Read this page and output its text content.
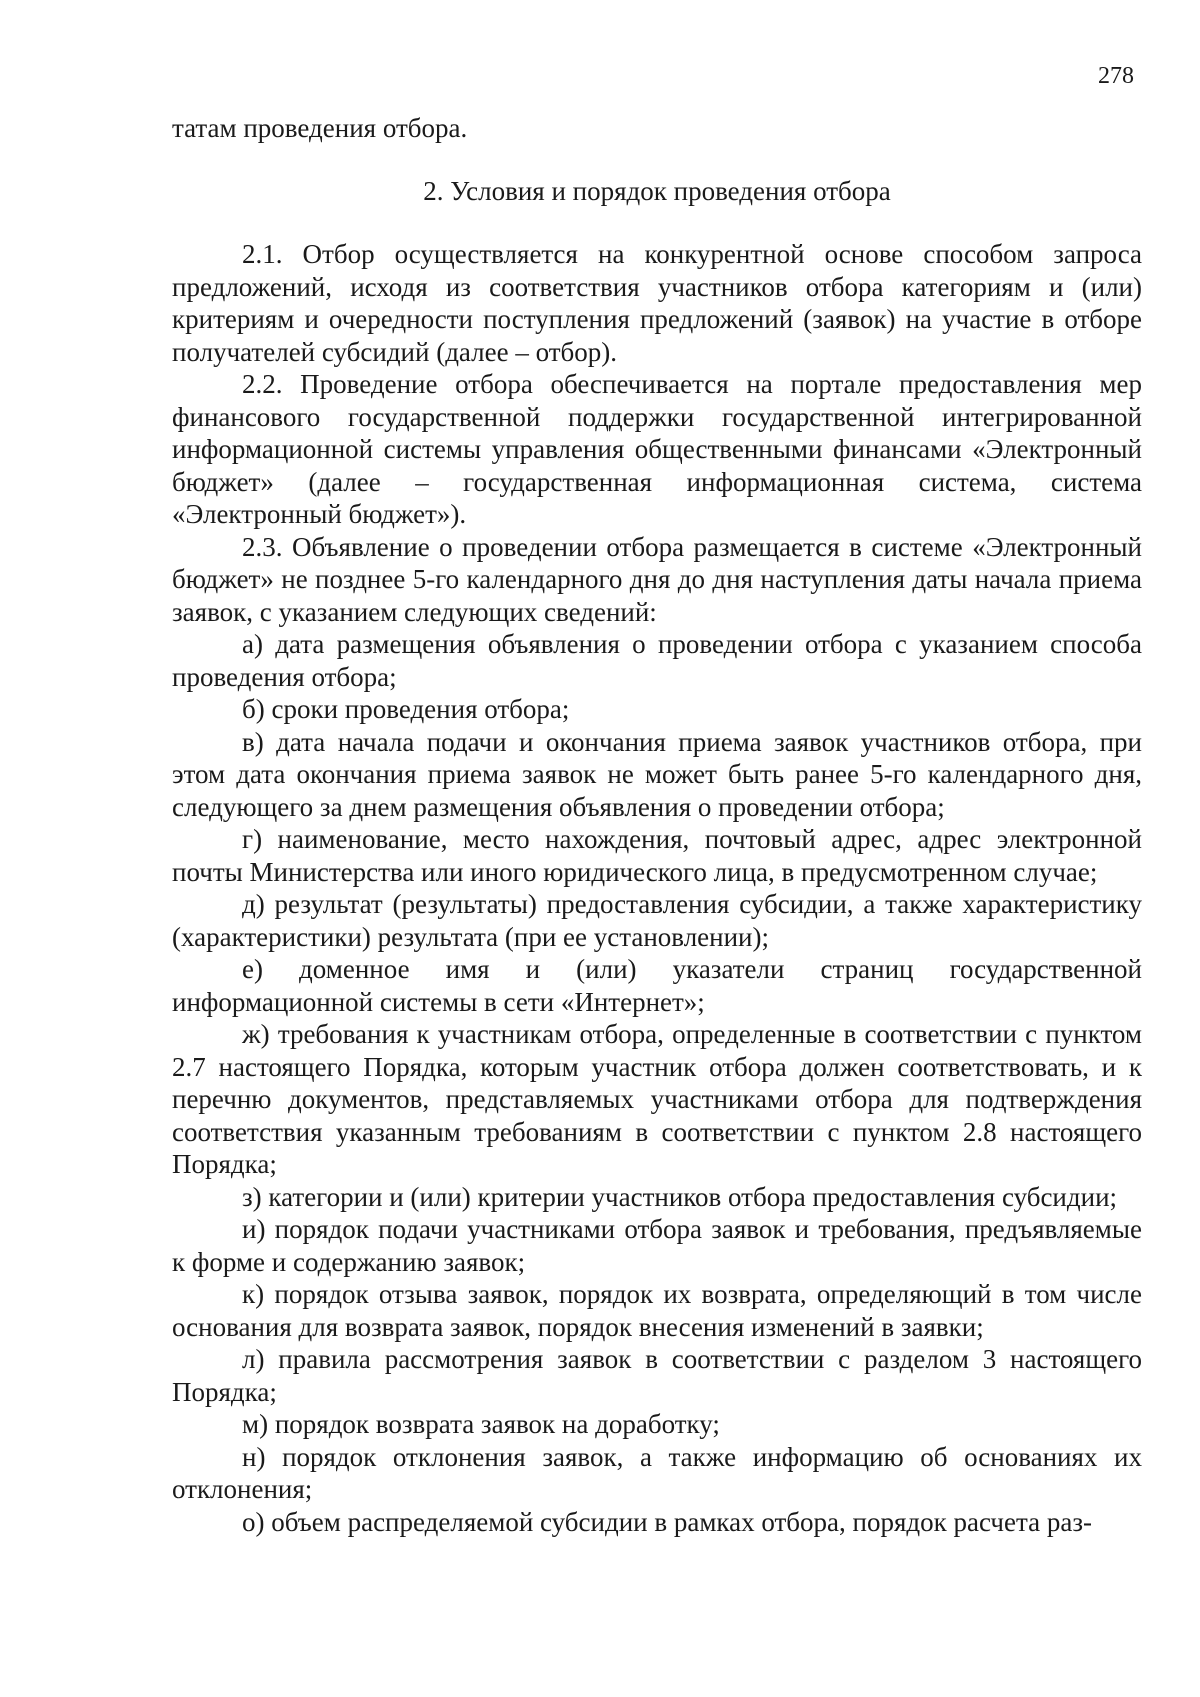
278

татам проведения отбора.

2. Условия и порядок проведения отбора

2.1. Отбор осуществляется на конкурентной основе способом запроса предложений, исходя из соответствия участников отбора категориям и (или) критериям и очередности поступления предложений (заявок) на участие в отборе получателей субсидий (далее – отбор).

2.2. Проведение отбора обеспечивается на портале предоставления мер финансового государственной поддержки государственной интегрированной информационной системы управления общественными финансами «Электронный бюджет» (далее – государственная информационная система, система «Электронный бюджет»).

2.3. Объявление о проведении отбора размещается в системе «Электронный бюджет» не позднее 5-го календарного дня до дня наступления даты начала приема заявок, с указанием следующих сведений:

а) дата размещения объявления о проведении отбора с указанием способа проведения отбора;

б) сроки проведения отбора;

в) дата начала подачи и окончания приема заявок участников отбора, при этом дата окончания приема заявок не может быть ранее 5-го календарного дня, следующего за днем размещения объявления о проведении отбора;

г) наименование, место нахождения, почтовый адрес, адрес электронной почты Министерства или иного юридического лица, в предусмотренном случае;

д) результат (результаты) предоставления субсидии, а также характеристику (характеристики) результата (при ее установлении);

е) доменное имя и (или) указатели страниц государственной информационной системы в сети «Интернет»;

ж) требования к участникам отбора, определенные в соответствии с пунктом 2.7 настоящего Порядка, которым участник отбора должен соответствовать, и к перечню документов, представляемых участниками отбора для подтверждения соответствия указанным требованиям в соответствии с пунктом 2.8 настоящего Порядка;

з) категории и (или) критерии участников отбора предоставления субсидии;

и) порядок подачи участниками отбора заявок и требования, предъявляемые к форме и содержанию заявок;

к) порядок отзыва заявок, порядок их возврата, определяющий в том числе основания для возврата заявок, порядок внесения изменений в заявки;

л) правила рассмотрения заявок в соответствии с разделом 3 настоящего Порядка;

м) порядок возврата заявок на доработку;

н) порядок отклонения заявок, а также информацию об основаниях их отклонения;

о) объем распределяемой субсидии в рамках отбора, порядок расчета раз-
